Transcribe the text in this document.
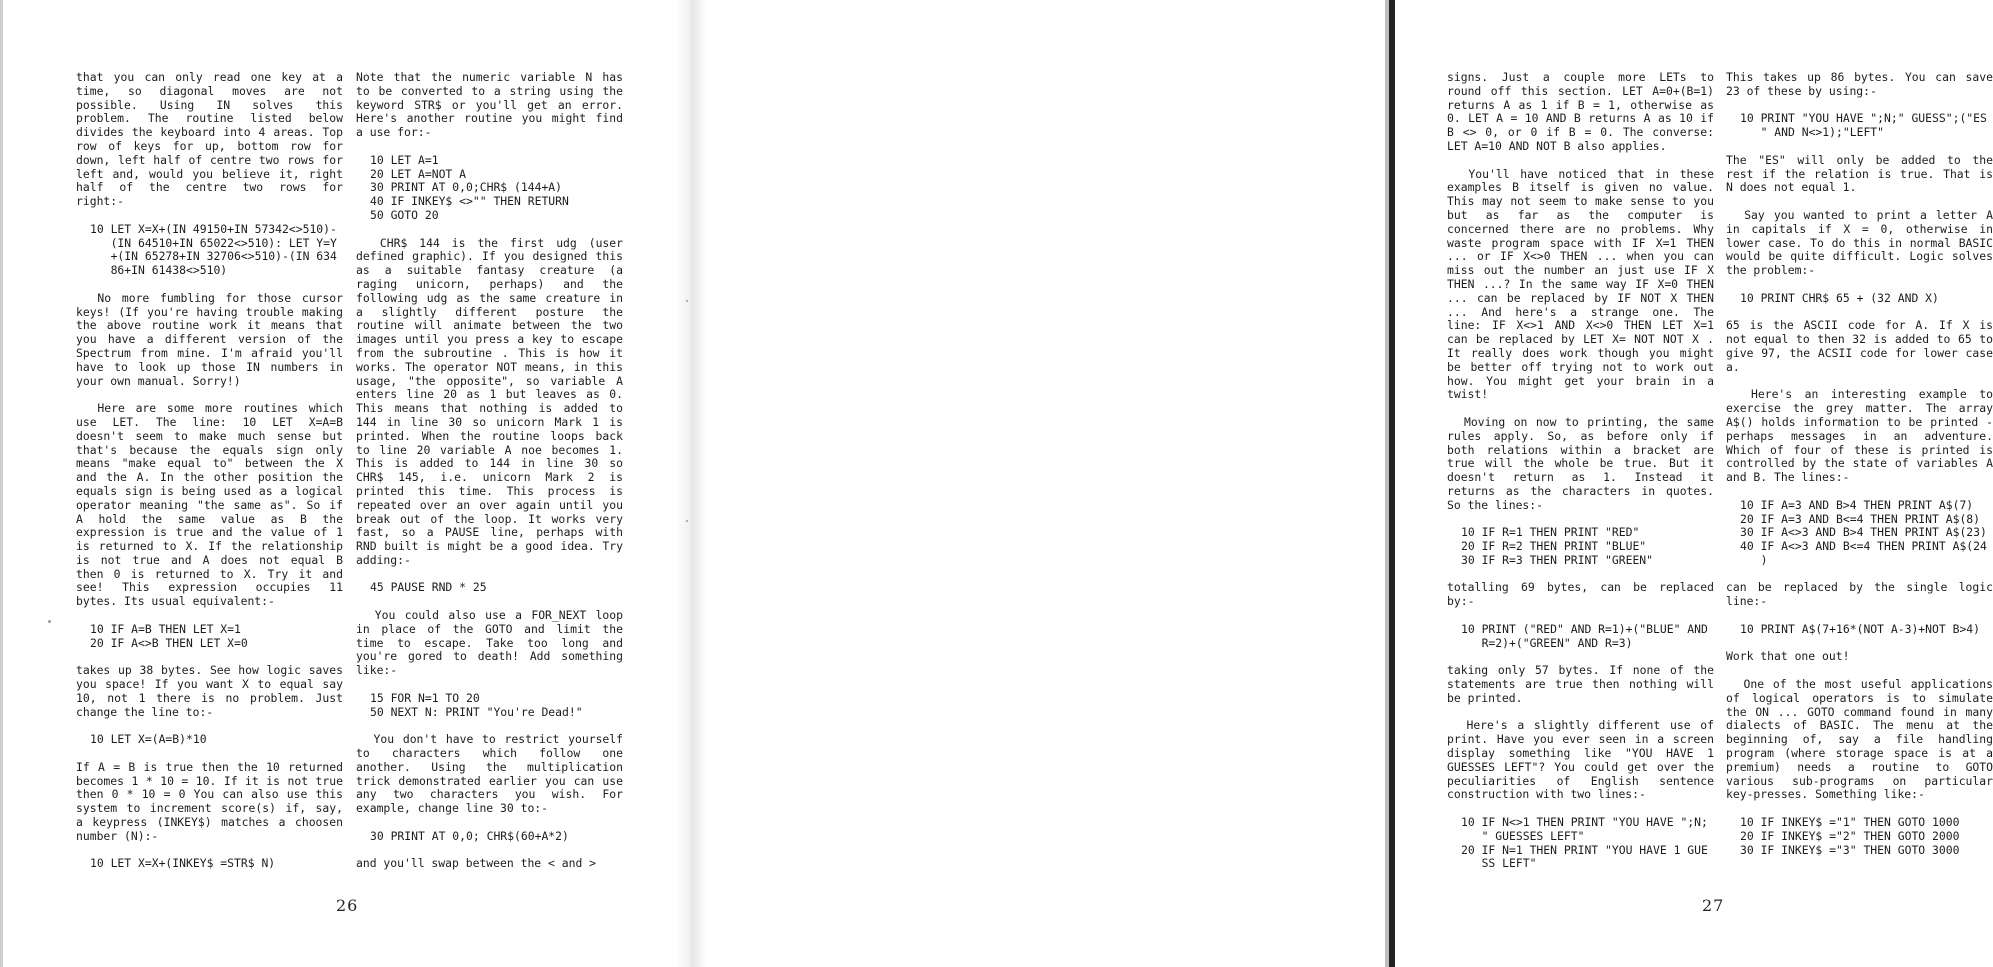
that you can only read one key at a time, so diagonal moves are not possible. Using IN solves this problem. The routine listed below divides the keyboard into 4 areas. Top row of keys for up, bottom row for down, left half of centre two rows for left and, would you believe it, right half of the centre two rows for right:-

10 LET X=X+(IN 49150+IN 57342<>510)-
(IN 64510+IN 65022<>510): LET Y=Y
+(IN 65278+IN 32706<>510)-(IN 634
86+IN 61438<>510)

No more fumbling for those cursor keys! (If you're having trouble making the above routine work it means that you have a different version of the Spectrum from mine. I'm afraid you'll have to look up those IN numbers in your own manual. Sorry!)

Here are some more routines which use LET. The line: 10 LET X=A=B doesn't seem to make much sense but that's because the equals sign only means "make equal to" between the X and the A. In the other position the equals sign is being used as a logical operator meaning "the same as". So if A hold the same value as B the expression is true and the value of 1 is returned to X. If the relationship is not true and A does not equal B then 0 is returned to X. Try it and see! This expression occupies 11 bytes. Its usual equivalent:-

10 IF A=B THEN LET X=1
20 IF A<>B THEN LET X=0

takes up 38 bytes. See how logic saves you space! If you want X to equal say 10, not 1 there is no problem. Just change the line to:-

10 LET X=(A=B)*10

If A = B is true then the 10 returned becomes 1 * 10 = 10. If it is not true then 0 * 10 = 0 You can also use this system to increment score(s) if, say, a keypress (INKEY$) matches a choosen number (N):-

10 LET X=X+(INKEY$ =STR$ N)

Note that the numeric variable N has to be converted to a string using the keyword STR$ or you'll get an error. Here's another routine you might find a use for:-

10 LET A=1
20 LET A=NOT A
30 PRINT AT 0,0;CHR$ (144+A)
40 IF INKEY$ <>"" THEN RETURN
50 GOTO 20

CHR$ 144 is the first udg (user defined graphic). If you designed this as a suitable fantasy creature (a raging unicorn, perhaps) and the following udg as the same creature in a slightly different posture the routine will animate between the two images until you press a key to escape from the subroutine . This is how it works. The operator NOT means, in this usage, "the opposite", so variable A enters line 20 as 1 but leaves as 0. This means that nothing is added to 144 in line 30 so unicorn Mark 1 is printed. When the routine loops back to line 20 variable A noe becomes 1. This is added to 144 in line 30 so CHR$ 145, i.e. unicorn Mark 2 is printed this time. This process is repeated over an over again until you break out of the loop. It works very fast, so a PAUSE line, perhaps with RND built is might be a good idea. Try adding:-

45 PAUSE RND * 25

You could also use a FOR_NEXT loop in place of the GOTO and limit the time to escape. Take too long and you're gored to death! Add something like:-

15 FOR N=1 TO 20
50 NEXT N: PRINT "You're Dead!"

You don't have to restrict yourself to characters which follow one another. Using the multiplication trick demonstrated earlier you can use any two characters you wish. For example, change line 30 to:-

30 PRINT AT 0,0; CHR$(60+A*2)

and you'll swap between the < and >

26

signs. Just a couple more LETs to round off this section. LET A=0+(B=1) returns A as 1 if B = 1, otherwise as 0. LET A = 10 AND B returns A as 10 if B <> 0, or 0 if B = 0. The converse: LET A=10 AND NOT B also applies.

You'll have noticed that in these examples B itself is given no value. This may not seem to make sense to you but as far as the computer is concerned there are no problems. Why waste program space with IF X=1 THEN ... or IF X<>0 THEN ... when you can miss out the number an just use IF X THEN ...? In the same way IF X=0 THEN ... can be replaced by IF NOT X THEN ... And here's a strange one. The line: IF X<>1 AND X<>0 THEN LET X=1 can be replaced by LET X= NOT NOT X . It really does work though you might be better off trying not to work out how. You might get your brain in a twist!

Moving on now to printing, the same rules apply. So, as before only if both relations within a bracket are true will the whole be true. But it doesn't return as 1. Instead it returns as the characters in quotes. So the lines:-

10 IF R=1 THEN PRINT "RED"
20 IF R=2 THEN PRINT "BLUE"
30 IF R=3 THEN PRINT "GREEN"

totalling 69 bytes, can be replaced by:-

10 PRINT ("RED" AND R=1)+("BLUE" AND
R=2)+("GREEN" AND R=3)

taking only 57 bytes. If none of the statements are true then nothing will be printed.

Here's a slightly different use of print. Have you ever seen in a screen display something like "YOU HAVE 1 GUESSES LEFT"? You could get over the peculiarities of English sentence construction with two lines:-

10 IF N<>1 THEN PRINT "YOU HAVE ";N;
" GUESSES LEFT"
20 IF N=1 THEN PRINT "YOU HAVE 1 GUE
SS LEFT"

This takes up 86 bytes. You can save 23 of these by using:-

10 PRINT "YOU HAVE ";N;" GUESS";("ES
" AND N<>1);"LEFT"

The "ES" will only be added to the rest if the relation is true. That is N does not equal 1.

Say you wanted to print a letter A in capitals if X = 0, otherwise in lower case. To do this in normal BASIC would be quite difficult. Logic solves the problem:-

10 PRINT CHR$ 65 + (32 AND X)

65 is the ASCII code for A. If X is not equal to then 32 is added to 65 to give 97, the ACSII code for lower case a.

Here's an interesting example to exercise the grey matter. The array A$() holds information to be printed - perhaps messages in an adventure. Which of four of these is printed is controlled by the state of variables A and B. The lines:-

10 IF A=3 AND B>4 THEN PRINT A$(7)
20 IF A=3 AND B<=4 THEN PRINT A$(8)
30 IF A<>3 AND B>4 THEN PRINT A$(23)
40 IF A<>3 AND B<=4 THEN PRINT A$(24
)

can be replaced by the single logic line:-

10 PRINT A$(7+16*(NOT A-3)+NOT B>4)

Work that one out!

One of the most useful applications of logical operators is to simulate the ON ... GOTO command found in many dialects of BASIC. The menu at the beginning of, say a file handling program (where storage space is at a premium) needs a routine to GOTO various sub-programs on particular key-presses. Something like:-

10 IF INKEY$ ="1" THEN GOTO 1000
20 IF INKEY$ ="2" THEN GOTO 2000
30 IF INKEY$ ="3" THEN GOTO 3000
27
